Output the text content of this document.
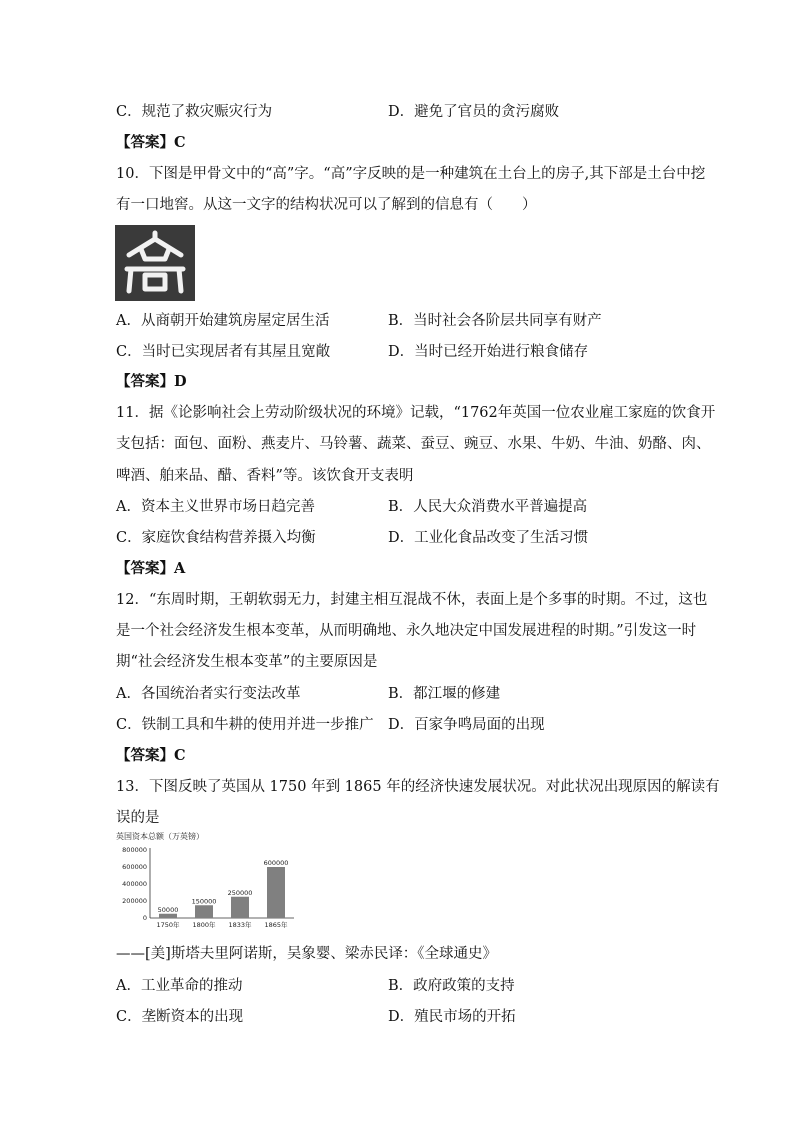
C．规范了救灾赈灾行为	D．避免了官员的贪污腐败
【答案】C
10．下图是甲骨文中的“高”字。“高”字反映的是一种建筑在土台上的房子,其下部是土台中挖
有一口地窖。从这一文字的结构状况可以了解到的信息有（　　）
A．从商朝开始建筑房屋定居生活	B．当时社会各阶层共同享有财产
C．当时已实现居者有其屋且宽敞	D．当时已经开始进行粮食储存
【答案】D
11．据《论影响社会上劳动阶级状况的环境》记载，“1762年英国一位农业雇工家庭的饮食开
支包括：面包、面粉、燕麦片、马铃薯、蔬菜、蚕豆、豌豆、水果、牛奶、牛油、奶酪、肉、
啤酒、舶来品、醋、香料”等。该饮食开支表明
A．资本主义世界市场日趋完善	B．人民大众消费水平普遍提高
C．家庭饮食结构营养摄入均衡	D．工业化食品改变了生活习惯
【答案】A
12．“东周时期，王朝软弱无力，封建主相互混战不休，表面上是个多事的时期。不过，这也
是一个社会经济发生根本变革，从而明确地、永久地决定中国发展进程的时期。”引发这一时
期“社会经济发生根本变革”的主要原因是
A．各国统治者实行变法改革	B．都江堰的修建
C．铁制工具和牛耕的使用并进一步推广 D．百家争鸣局面的出现
【答案】C
13．下图反映了英国从 1750 年到 1865 年的经济快速发展状况。对此状况出现原因的解读有
误的是
英国资本总额（万英镑）
800000
600000
400000
200000
0
50000
150000
250000
600000
1750年 1800年 1833年 1865年
——[美]斯塔夫里阿诺斯，吴象婴、梁赤民译：《全球通史》
A．工业革命的推动	B．政府政策的支持
C．垄断资本的出现	D．殖民市场的开拓
